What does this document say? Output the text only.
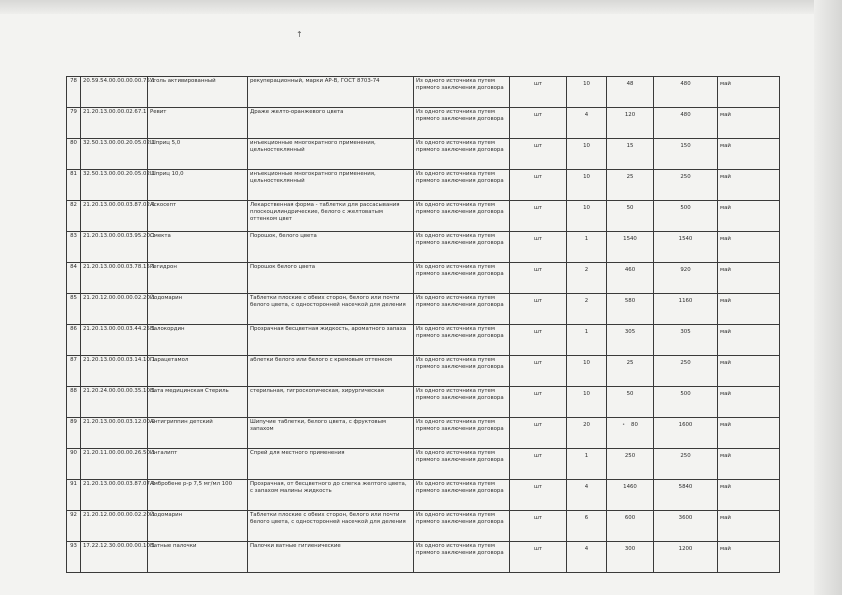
↑
78	20.59.54.00.00.00.00.75.1	Уголь активированный	рекуперационный, марки АР-В, ГОСТ 8703-74	Из одного источника путем прямого заключения договора	шт	10	48	480	май
79	21.20.13.00.00.02.67.1	Ревит	Драже желто-оранжевого цвета	Из одного источника путем прямого заключения договора	шт	4	120	480	май
80	32.50.13.00.00.20.05.02.1	Шприц 5,0	инъекционные многократного применения, цельностеклянный	Из одного источника путем прямого заключения договора	шт	10	15	150	май
81	32.50.13.00.00.20.05.02.1	Шприц 10,0	инъекционные многократного применения, цельностеклянный	Из одного источника путем прямого заключения договора	шт	10	25	250	май
82	21.20.13.00.00.03.87.02.1	Аскосепт	Лекарственная форма - таблетки для рассасывания плоскоцилиндрические, белого с желтоватым оттенком цвет	Из одного источника путем прямого заключения договора	шт	10	50	500	май
83	21.20.13.00.00.03.95.20.1	Смекта	Порошок, белого цвета	Из одного источника путем прямого заключения договора	шт	1	1540	1540	май
84	21.20.13.00.00.03.78.15.1	Регидрон	Порошок белого цвета	Из одного источника путем прямого заключения договора	шт	2	460	920	май
85	21.20.12.00.00.00.02.20.1	Йодомарин	Таблетки плоские с обеих сторон, белого или почти белого цвета, с односторонней насечкой для деления	Из одного источника путем прямого заключения договора	шт	2	580	1160	май
86	21.20.13.00.00.03.44.25.1	Валокордин	Прозрачная бесцветная жидкость, ароматного запаха	Из одного источника путем прямого заключения договора	шт	1	305	305	май
87	21.20.13.00.00.03.14.10.1	Парацетамол	аблетки белого или белого с кремовым оттенком	Из одного источника путем прямого заключения договора	шт	10	25	250	май
88	21.20.24.00.00.00.35.10.1	Вата медицинская Стериль	стерильная, гигроскопическая, хирургическая	Из одного источника путем прямого заключения договора	шт	10	50	500	май
89	21.20.13.00.00.03.12.00.2	Антигриппин детский	Шипучие таблетки, белого цвета, с фруктовым запахом	Из одного источника путем прямого заключения договора	шт	20	• 80	1600	май
90	21.20.11.00.00.00.26.50.1	Ингалипт	Спрей для местного применения	Из одного источника путем прямого заключения договора	шт	1	250	250	май
91	21.20.13.00.00.03.87.07.1	Амбробене р-р 7,5 мг/мл 100	Прозрачная, от бесцветного до слегка желтого цвета, с запахом малины жидкость	Из одного источника путем прямого заключения договора	шт	4	1460	5840	май
92	21.20.12.00.00.00.02.20.1	Йодомарин	Таблетки плоские с обеих сторон, белого или почти белого цвета, с односторонней насечкой для деления	Из одного источника путем прямого заключения договора	шт	6	600	3600	май
93	17.22.12.30.00.00.00.10.1	Ватные палочки	Палочки ватные гигиенические	Из одного источника путем прямого заключения договора	шт	4	300	1200	май
